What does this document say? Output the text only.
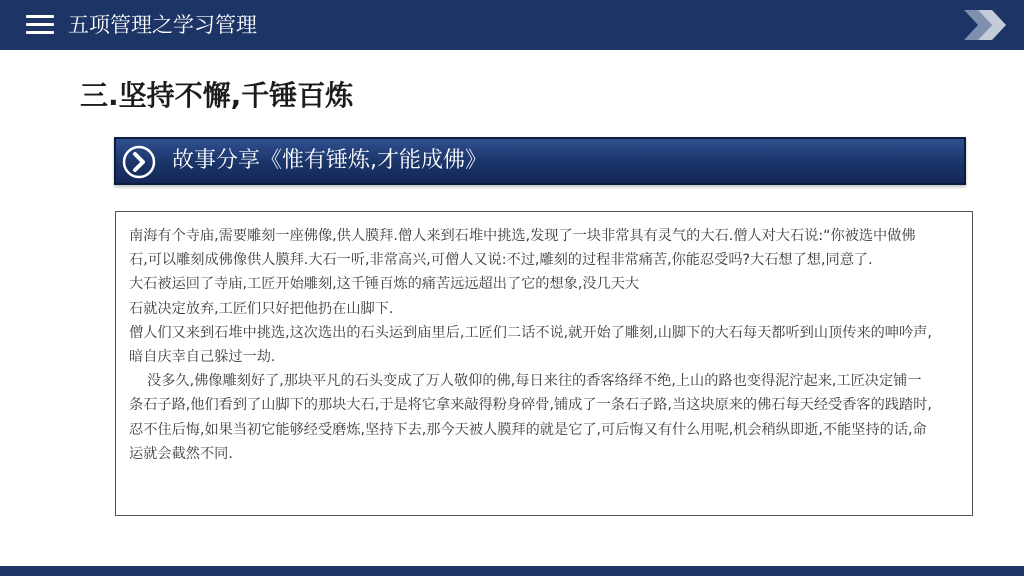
五项管理之学习管理
三.坚持不懈,千锤百炼
故事分享《惟有锤炼,才能成佛》

南海有个寺庙,需要雕刻一座佛像,供人膜拜.僧人来到石堆中挑选,发现了一块非常具有灵气的大石.僧人对大石说:“你被选中做佛

石,可以雕刻成佛像供人膜拜.大石一听,非常高兴,可僧人又说:不过,雕刻的过程非常痛苦,你能忍受吗?大石想了想,同意了.

大石被运回了寺庙,工匠开始雕刻,这千锤百炼的痛苦远远超出了它的想象,没几天大

石就决定放弃,工匠们只好把他扔在山脚下.

僧人们又来到石堆中挑选,这次选出的石头运到庙里后,工匠们二话不说,就开始了雕刻,山脚下的大石每天都听到山顶传来的呻吟声,

暗自庆幸自己躲过一劫.

没多久,佛像雕刻好了,那块平凡的石头变成了万人敬仰的佛,每日来往的香客络绎不绝,上山的路也变得泥泞起来,工匠决定铺一

条石子路,他们看到了山脚下的那块大石,于是将它拿来敲得粉身碎骨,铺成了一条石子路,当这块原来的佛石每天经受香客的践踏时,

忍不住后悔,如果当初它能够经受磨炼,坚持下去,那今天被人膜拜的就是它了,可后悔又有什么用呢,机会稍纵即逝,不能坚持的话,命

运就会截然不同.
